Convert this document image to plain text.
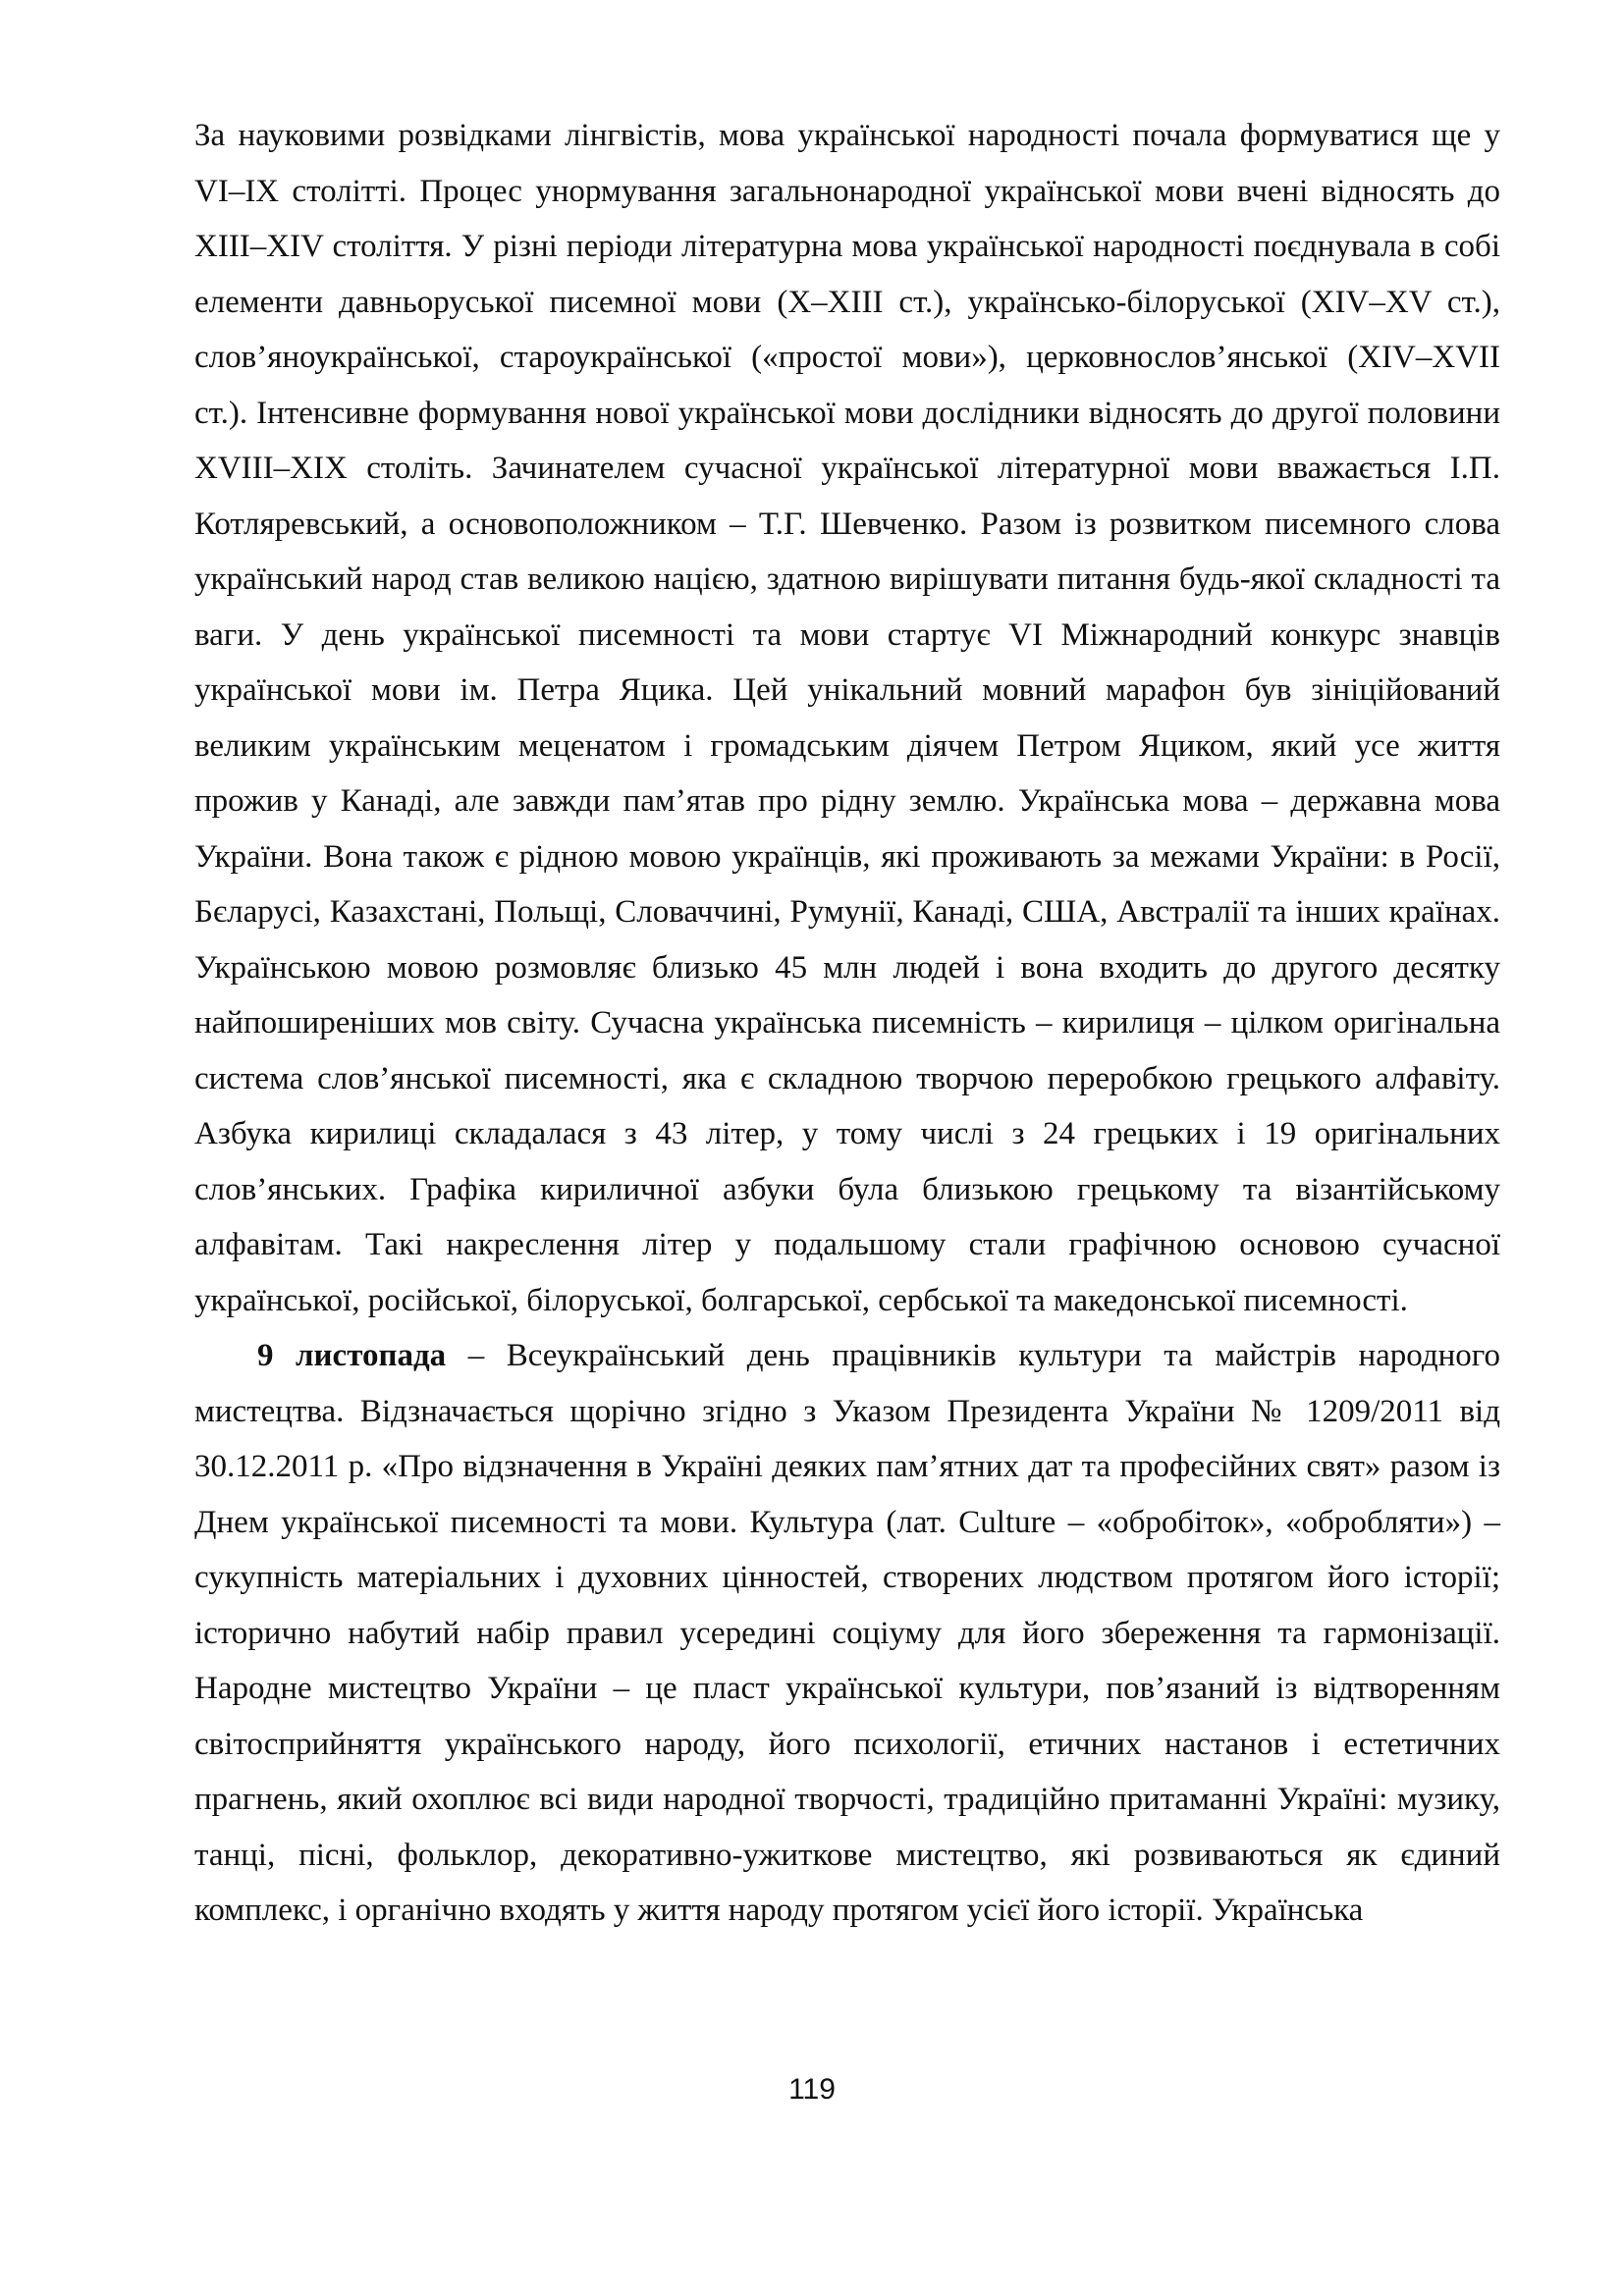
За науковими розвідками лінгвістів, мова української народності почала формуватися ще у VI–IX столітті. Процес унормування загальнонародної української мови вчені відносять до XIII–XIV століття. У різні періоди літературна мова української народності поєднувала в собі елементи давньоруської писемної мови (X–XIII ст.), українсько-білоруської (XIV–XV ст.), слов’яноукраїнської, староукраїнської («простої мови»), церковнослов’янської (XIV–XVII ст.). Інтенсивне формування нової української мови дослідники відносять до другої половини XVIII–XIX століть. Зачинателем сучасної української літературної мови вважається І.П. Котляревський, а основоположником – Т.Г. Шевченко. Разом із розвитком писемного слова український народ став великою нацією, здатною вирішувати питання будь-якої складності та ваги. У день української писемності та мови стартує VI Міжнародний конкурс знавців української мови ім. Петра Яцика. Цей унікальний мовний марафон був зініційований великим українським меценатом і громадським діячем Петром Яциком, який усе життя прожив у Канаді, але завжди пам’ятав про рідну землю. Українська мова – державна мова України. Вона також є рідною мовою українців, які проживають за межами України: в Росії, Бєларусі, Казахстані, Польщі, Словаччині, Румунії, Канаді, США, Австралії та інших країнах. Українською мовою розмовляє близько 45 млн людей і вона входить до другого десятку найпоширеніших мов світу. Сучасна українська писемність – кирилиця – цілком оригінальна система слов’янської писемності, яка є складною творчою переробкою грецького алфавіту. Азбука кирилиці складалася з 43 літер, у тому числі з 24 грецьких і 19 оригінальних слов’янських. Графіка кириличної азбуки була близькою грецькому та візантійському алфавітам. Такі накреслення літер у подальшому стали графічною основою сучасної української, російської, білоруської, болгарської, сербської та македонської писемності.

9 листопада – Всеукраїнський день працівників культури та майстрів народного мистецтва. Відзначається щорічно згідно з Указом Президента України № 1209/2011 від 30.12.2011 р. «Про відзначення в Україні деяких пам’ятних дат та професійних свят» разом із Днем української писемності та мови. Культура (лат. Culture – «обробіток», «обробляти») – сукупність матеріальних і духовних цінностей, створених людством протягом його історії; історично набутий набір правил усередині соціуму для його збереження та гармонізації. Народне мистецтво України – це пласт української культури, пов’язаний із відтворенням світосприйняття українського народу, його психології, етичних настанов і естетичних прагнень, який охоплює всі види народної творчості, традиційно притаманні Україні: музику, танці, пісні, фольклор, декоративно-ужиткове мистецтво, які розвиваються як єдиний комплекс, і органічно входять у життя народу протягом усієї його історії. Українська

119
